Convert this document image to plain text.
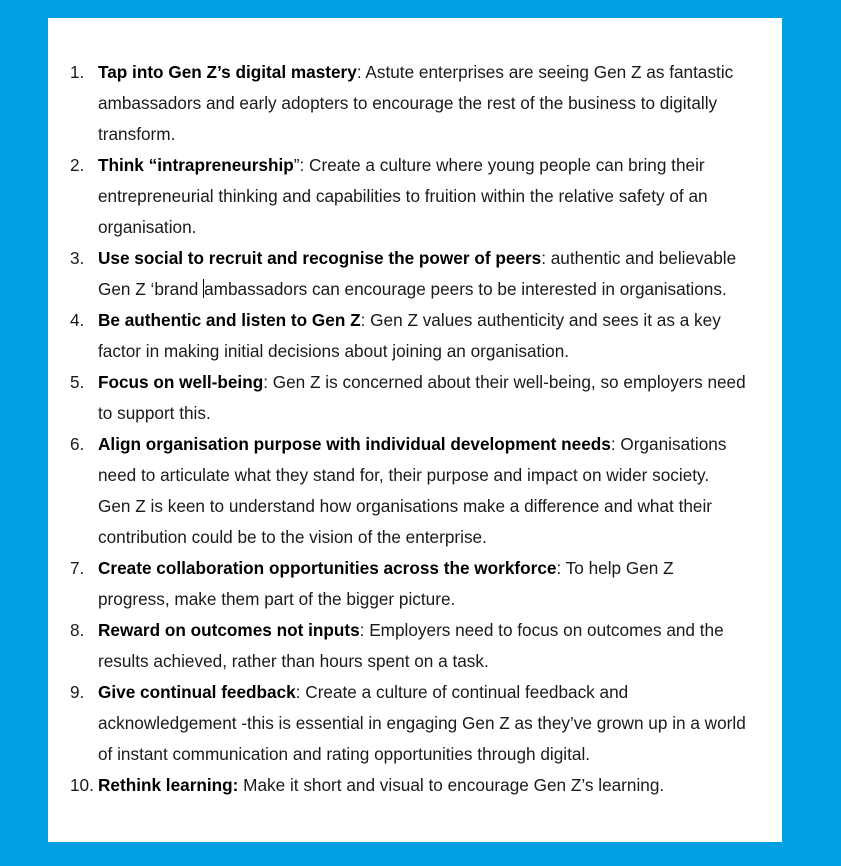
1. Tap into Gen Z’s digital mastery: Astute enterprises are seeing Gen Z as fantastic ambassadors and early adopters to encourage the rest of the business to digitally transform.
2. Think “intrapreneurship”: Create a culture where young people can bring their entrepreneurial thinking and capabilities to fruition within the relative safety of an organisation.
3. Use social to recruit and recognise the power of peers: authentic and believable Gen Z ‘brand ambassadors can encourage peers to be interested in organisations.
4. Be authentic and listen to Gen Z: Gen Z values authenticity and sees it as a key factor in making initial decisions about joining an organisation.
5. Focus on well-being: Gen Z is concerned about their well-being, so employers need to support this.
6. Align organisation purpose with individual development needs: Organisations need to articulate what they stand for, their purpose and impact on wider society. Gen Z is keen to understand how organisations make a difference and what their contribution could be to the vision of the enterprise.
7. Create collaboration opportunities across the workforce: To help Gen Z progress, make them part of the bigger picture.
8. Reward on outcomes not inputs: Employers need to focus on outcomes and the results achieved, rather than hours spent on a task.
9. Give continual feedback: Create a culture of continual feedback and acknowledgement -this is essential in engaging Gen Z as they’ve grown up in a world of instant communication and rating opportunities through digital.
10. Rethink learning: Make it short and visual to encourage Gen Z’s learning.
